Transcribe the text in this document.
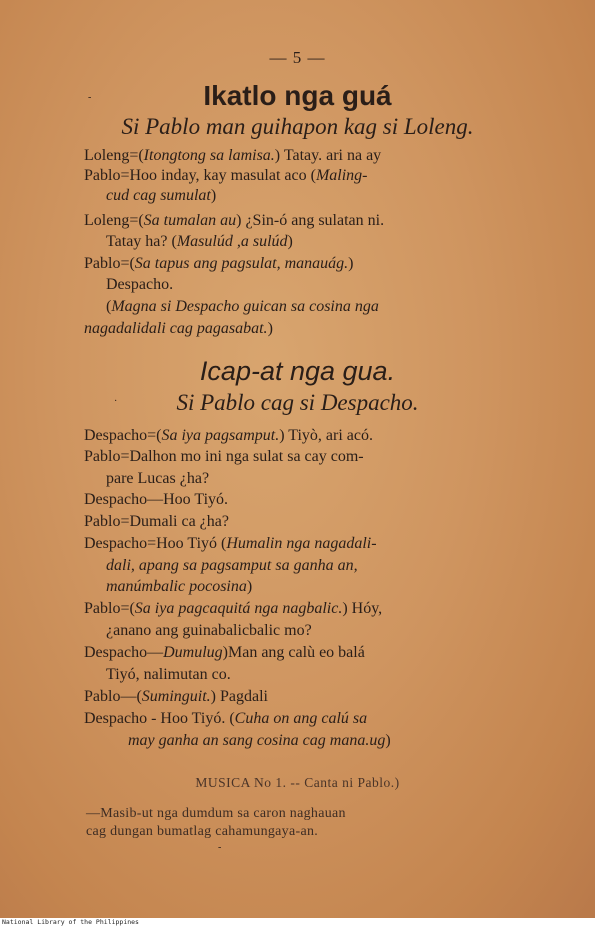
— 5 —
Ikatlo nga guá
Si Pablo man guihapon kag si Loleng.
Loleng=(Itongtong sa lamisa.) Tatay. ari na ay
Pablo=Hoo inday, kay masulat aco (Maling-
cud cag sumulat)
Loleng=(Sa tumalan au) ¿Sin-ó ang sulatan ni.
Tatay ha? (Masulúd ,a sulúd)
Pablo=(Sa tapus ang pagsulat, manauág.)
Despacho.
(Magna si Despacho guican sa cosina nga
nagadalidali cag pagasabat.)
Icap-at nga gua.
Si Pablo cag si Despacho.
Despacho=(Sa iya pagsamput.) Tiyò, ari acó.
Pablo=Dalhon mo ini nga sulat sa cay com-
pare Lucas ¿ha?
Despacho—Hoo Tiyó.
Pablo=Dumali ca ¿ha?
Despacho=Hoo Tiyó (Humalin nga nagadali-
dali, apang sa pagsamput sa ganha an,
manúmbalic pocosina)
Pablo=(Sa iya pagcaquitá nga nagbalic.) Hóy,
¿anano ang guinabalicbalic mo?
Despacho—Dumulug)Man ang calù eo balá
Tiyó, nalimutan co.
Pablo—(Suminguit.) Pagdali
Despacho - Hoo Tiyó. (Cuha on ang calú sa
may ganha an sang cosina cag mana.ug)
MUSICA No 1. -- Canta ni Pablo.)
—Masib-ut nga dumdum sa caron naghauan
cag dungan bumatlag cahamungaya-an.
-
·
-
National Library of the Philippines
